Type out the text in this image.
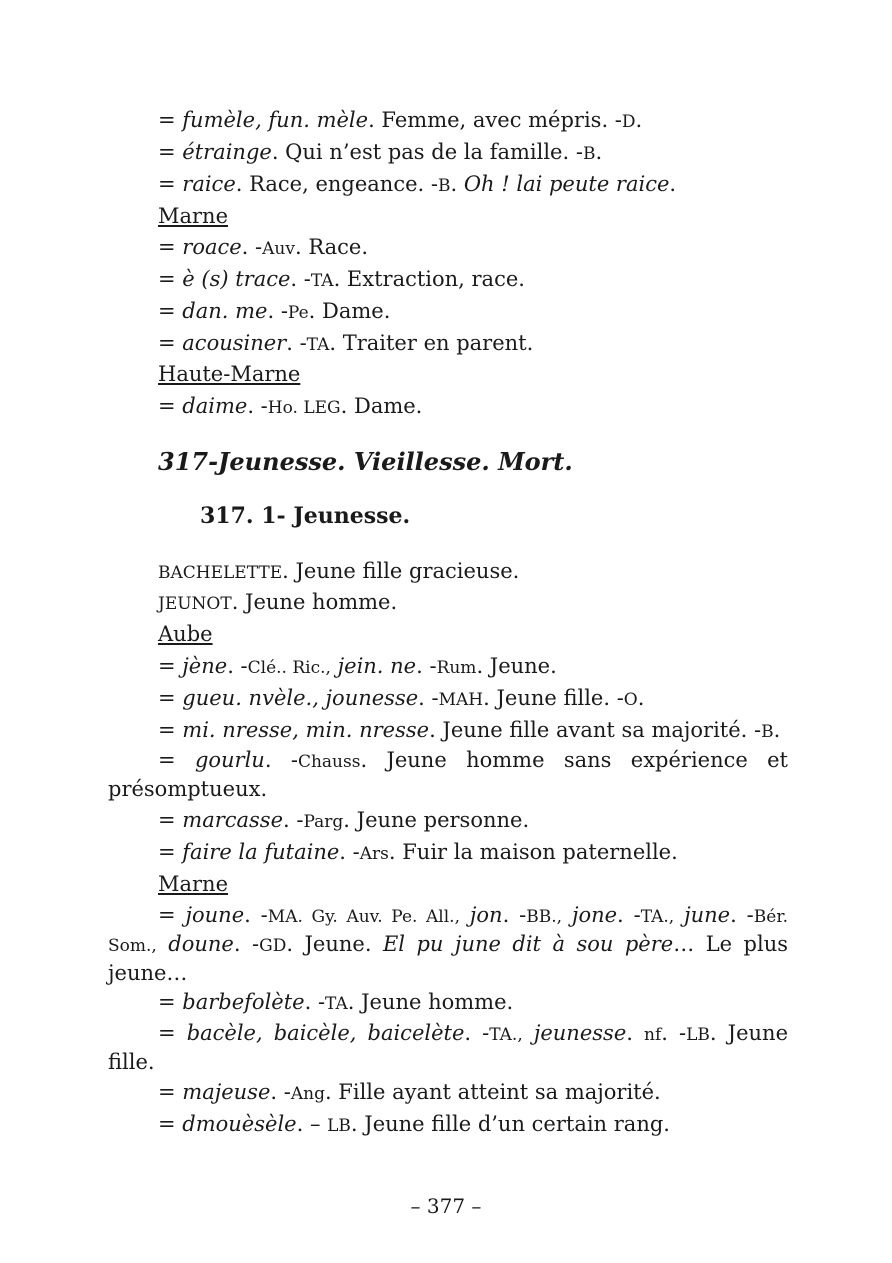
= fumèle, fun. mèle. Femme, avec mépris. -D.
= étrainge. Qui n’est pas de la famille. -B.
= raice. Race, engeance. -B. Oh ! lai peute raice.
Marne
= roace. -Auv. Race.
= è (s) trace. -TA. Extraction, race.
= dan. me. -Pe. Dame.
= acousiner. -TA. Traiter en parent.
Haute-Marne
= daime. -Ho. LEG. Dame.
317-Jeunesse. Vieillesse. Mort.
317. 1- Jeunesse.
BACHELETTE. Jeune fille gracieuse.
JEUNOT. Jeune homme.
Aube
= jène. -Clé.. Ric., jein. ne. -Rum. Jeune.
= gueu. nvèle., jounesse. -MAH. Jeune fille. -O.
= mi. nresse, min. nresse. Jeune fille avant sa majorité. -B.
= gourlu. -Chauss. Jeune homme sans expérience et
présomptueux.
= marcasse. -Parg. Jeune personne.
= faire la futaine. -Ars. Fuir la maison paternelle.
Marne
= joune. -MA. Gy. Auv. Pe. All., jon. -BB., jone. -TA., june. -Bér.
Som., doune. -GD. Jeune. El pu june dit à sou père… Le plus
jeune…
= barbefolète. -TA. Jeune homme.
= bacèle, baicèle, baicelète. -TA., jeunesse. nf. -LB. Jeune
fille.
= majeuse. -Ang. Fille ayant atteint sa majorité.
= dmouèsèle. – LB. Jeune fille d’un certain rang.
– 377 –
